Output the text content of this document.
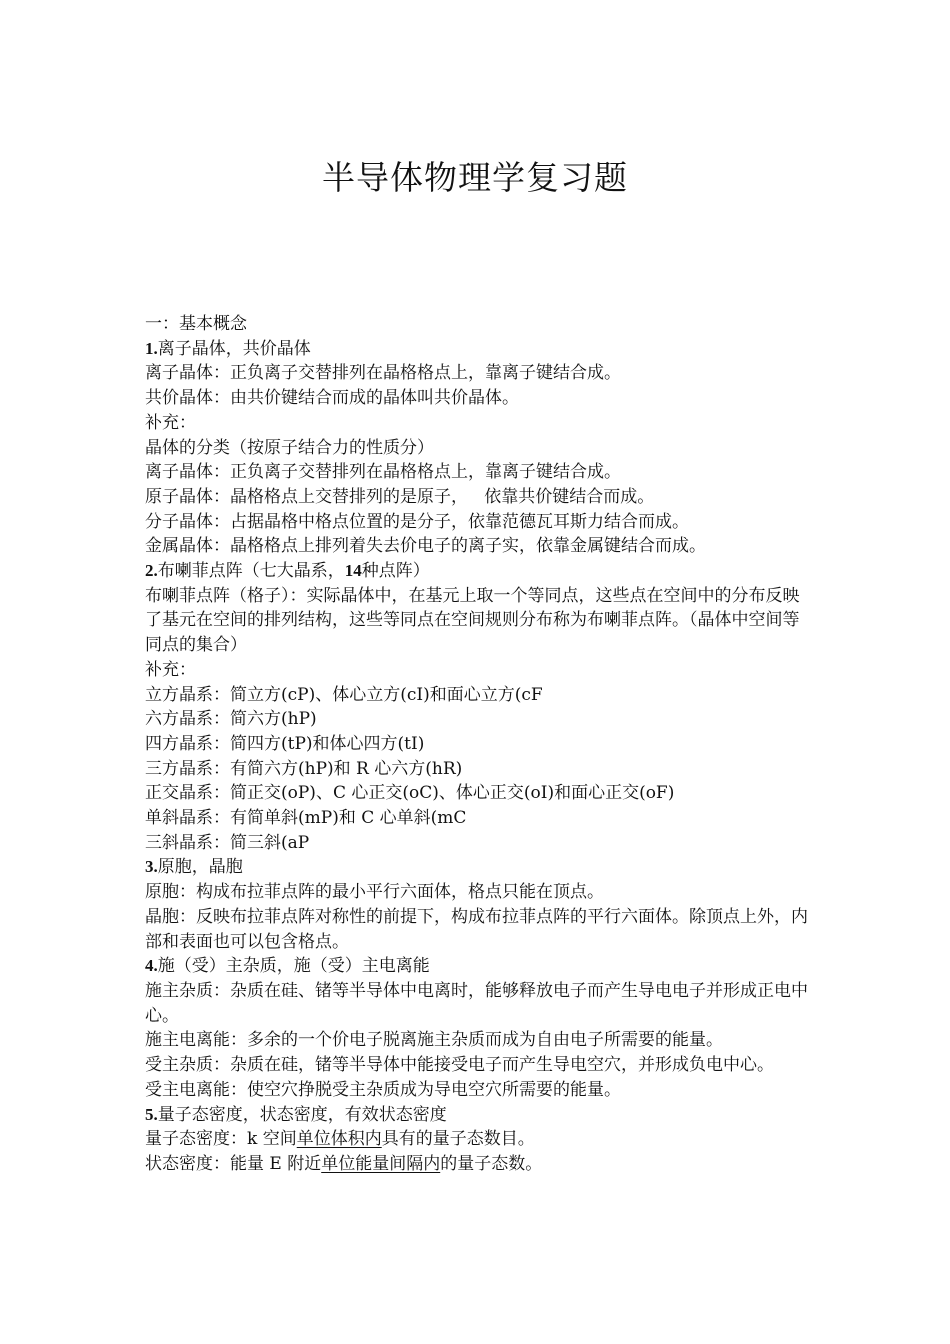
半导体物理学复习题

一：基本概念

1.离子晶体，共价晶体

离子晶体：正负离子交替排列在晶格格点上，靠离子键结合成。

共价晶体：由共价键结合而成的晶体叫共价晶体。

补充：

晶体的分类（按原子结合力的性质分）

离子晶体：正负离子交替排列在晶格格点上，靠离子键结合成。

原子晶体：晶格格点上交替排列的是原子，   依靠共价键结合而成。

分子晶体：占据晶格中格点位置的是分子，依靠范德瓦耳斯力结合而成。

金属晶体：晶格格点上排列着失去价电子的离子实，依靠金属键结合而成。

2.布喇菲点阵（七大晶系，14种点阵）

布喇菲点阵（格子）：实际晶体中，在基元上取一个等同点，这些点在空间中的分布反映了基元在空间的排列结构，这些等同点在空间规则分布称为布喇菲点阵。（晶体中空间等同点的集合）

补充：

立方晶系：简立方(cP)、体心立方(cI)和面心立方(cF

六方晶系：简六方(hP)

四方晶系：简四方(tP)和体心四方(tI)

三方晶系：有简六方(hP)和 R 心六方(hR)

正交晶系：简正交(oP)、C 心正交(oC)、体心正交(oI)和面心正交(oF)

单斜晶系：有简单斜(mP)和 C 心单斜(mC

三斜晶系：简三斜(aP

3.原胞，晶胞

原胞：构成布拉菲点阵的最小平行六面体，格点只能在顶点。

晶胞：反映布拉菲点阵对称性的前提下，构成布拉菲点阵的平行六面体。除顶点上外，内部和表面也可以包含格点。

4.施（受）主杂质，施（受）主电离能

施主杂质：杂质在硅、锗等半导体中电离时，能够释放电子而产生导电电子并形成正电中心。

施主电离能：多余的一个价电子脱离施主杂质而成为自由电子所需要的能量。

受主杂质：杂质在硅，锗等半导体中能接受电子而产生导电空穴，并形成负电中心。

受主电离能：使空穴挣脱受主杂质成为导电空穴所需要的能量。

5.量子态密度，状态密度，有效状态密度

量子态密度：k 空间单位体积内具有的量子态数目。

状态密度：能量 E 附近单位能量间隔内的量子态数。
